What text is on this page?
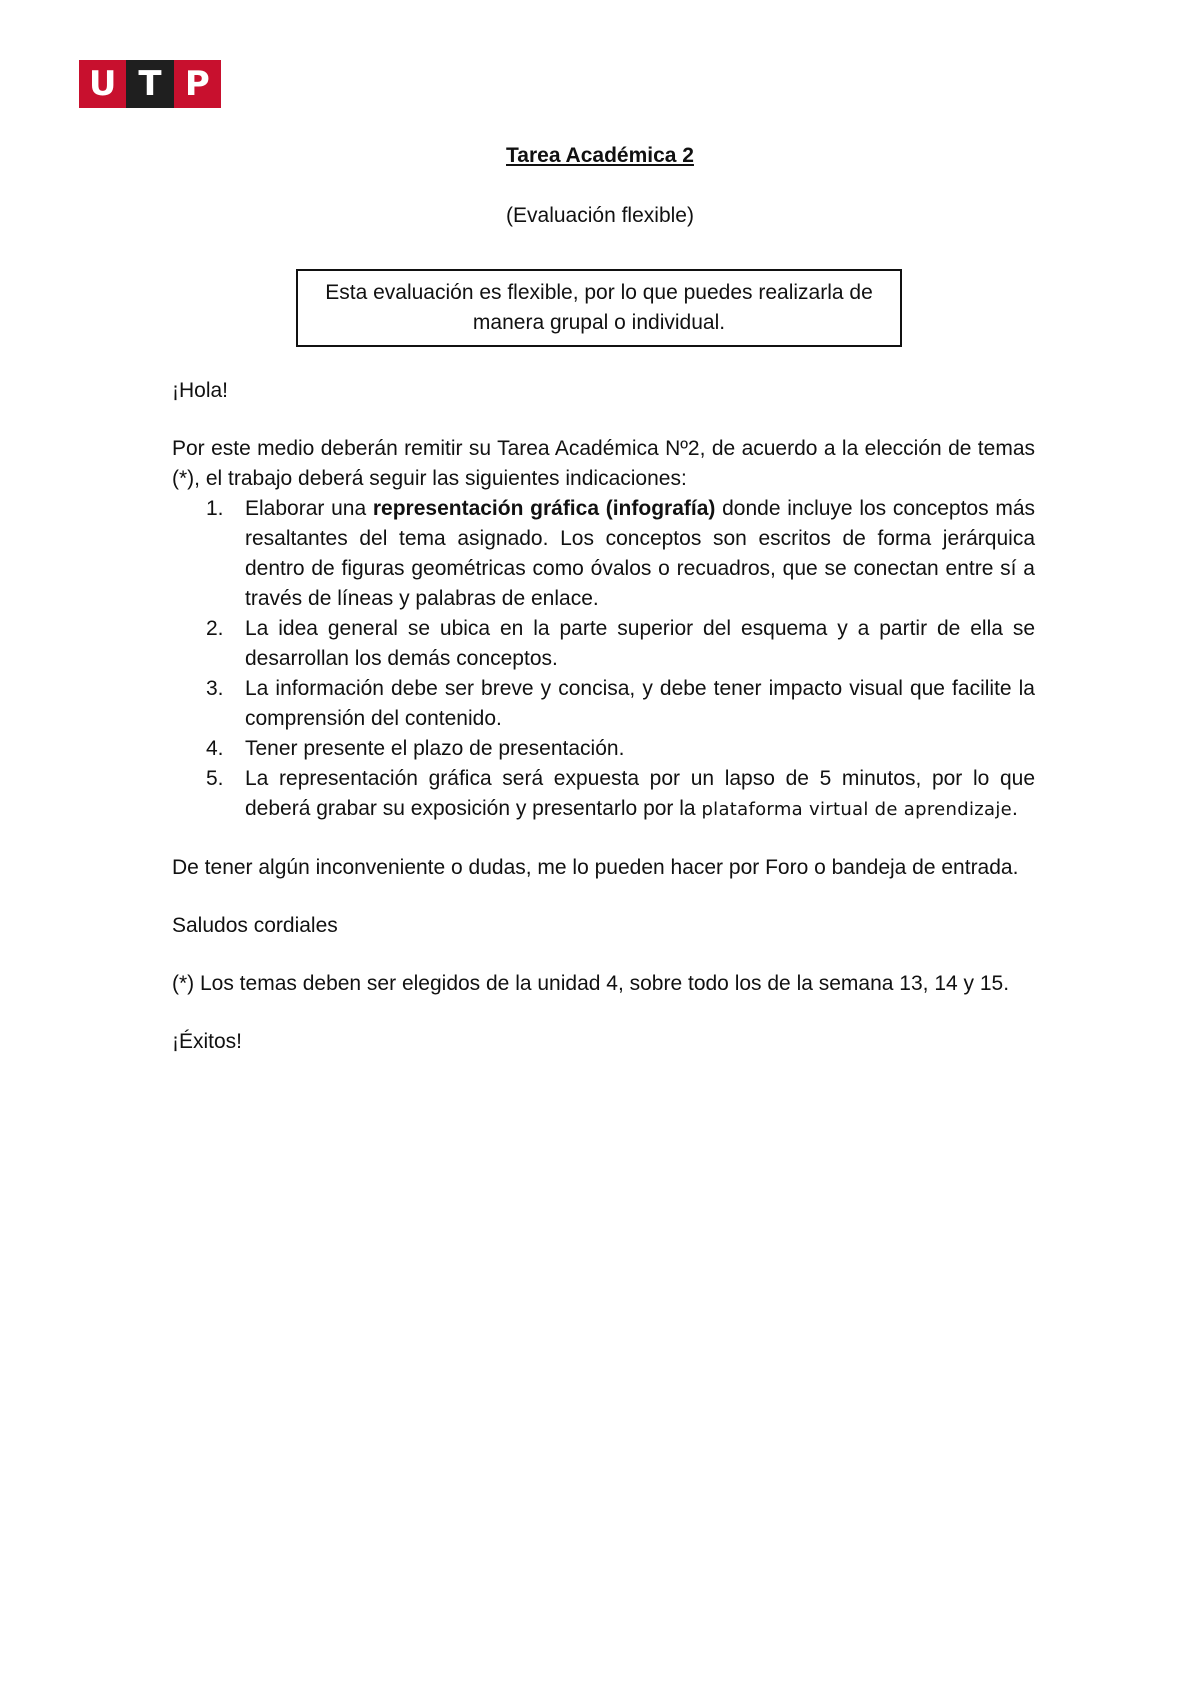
U T P
Tarea Académica 2
(Evaluación flexible)
Esta evaluación es flexible, por lo que puedes realizarla de manera grupal o individual.

¡Hola!

Por este medio deberán remitir su Tarea Académica Nº2, de acuerdo a la elección de temas (*), el trabajo deberá seguir las siguientes indicaciones:

1. Elaborar una representación gráfica (infografía) donde incluye los conceptos más resaltantes del tema asignado. Los conceptos son escritos de forma jerárquica dentro de figuras geométricas como óvalos o recuadros, que se conectan entre sí a través de líneas y palabras de enlace.
2. La idea general se ubica en la parte superior del esquema y a partir de ella se desarrollan los demás conceptos.
3. La información debe ser breve y concisa, y debe tener impacto visual que facilite la comprensión del contenido.
4. Tener presente el plazo de presentación.
5. La representación gráfica será expuesta por un lapso de 5 minutos, por lo que deberá grabar su exposición y presentarlo por la plataforma virtual de aprendizaje.

De tener algún inconveniente o dudas, me lo pueden hacer por Foro o bandeja de entrada.

Saludos cordiales

(*) Los temas deben ser elegidos de la unidad 4, sobre todo los de la semana 13, 14 y 15.

¡Éxitos!
